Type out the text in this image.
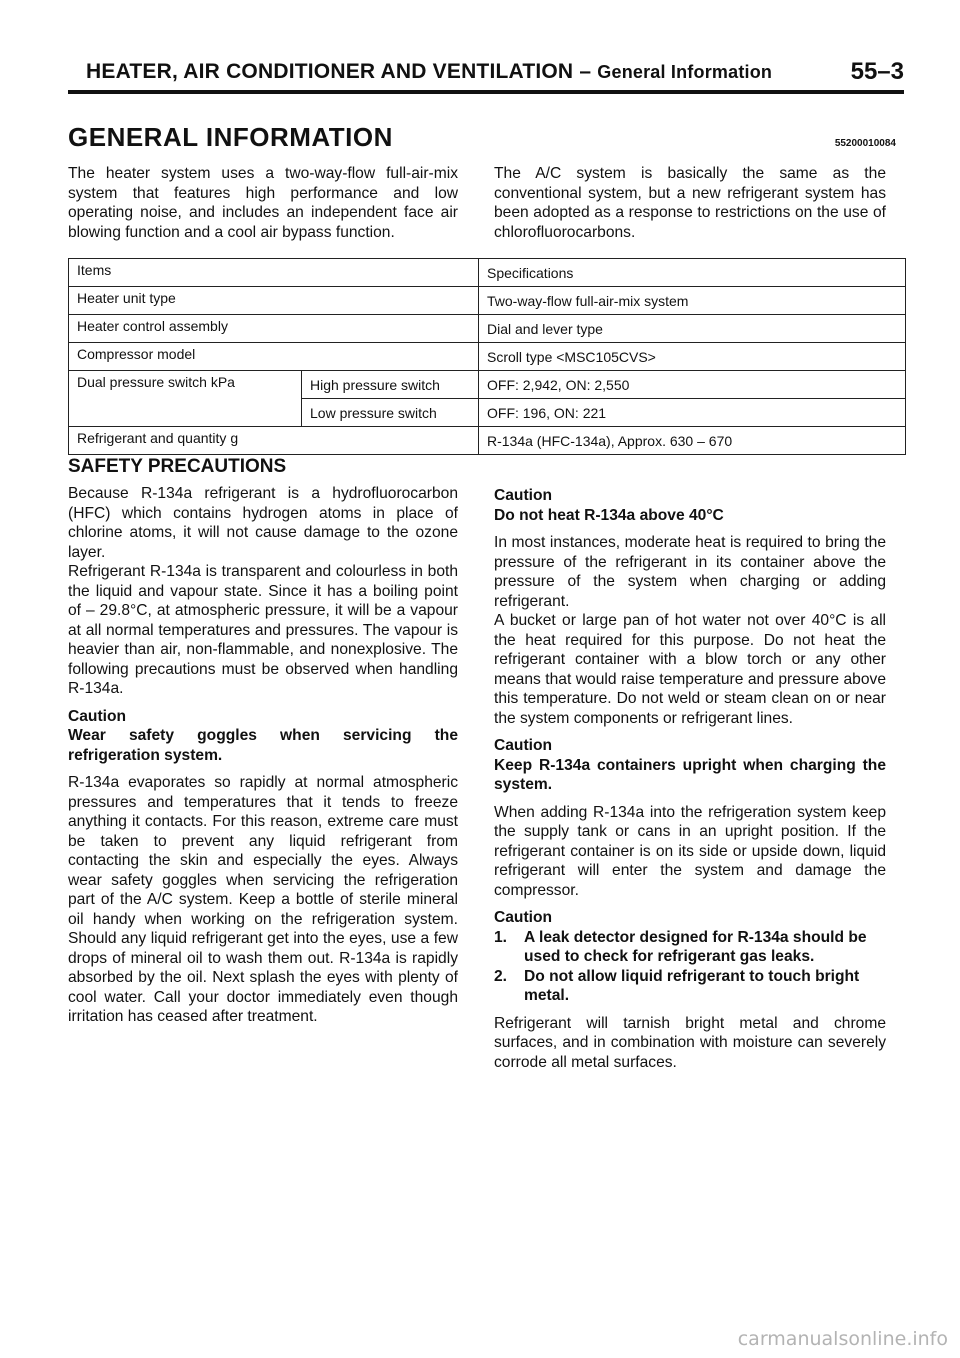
HEATER, AIR CONDITIONER AND VENTILATION – General Information	55–3
GENERAL INFORMATION	55200010084

The heater system uses a two-way-flow full-air-mix system that features high performance and low operating noise, and includes an independent face air blowing function and a cool air bypass function.

The A/C system is basically the same as the conventional system, but a new refrigerant system has been adopted as a response to restrictions on the use of chlorofluorocarbons.

Items		Specifications
Heater unit type		Two-way-flow full-air-mix system
Heater control assembly		Dial and lever type
Compressor model		Scroll type <MSC105CVS>
Dual pressure switch kPa	High pressure switch	OFF: 2,942, ON: 2,550
	Low pressure switch	OFF: 196, ON: 221
Refrigerant and quantity g		R-134a (HFC-134a), Approx. 630 – 670
SAFETY PRECAUTIONS

Because R-134a refrigerant is a hydrofluorocarbon (HFC) which contains hydrogen atoms in place of chlorine atoms, it will not cause damage to the ozone layer.

Refrigerant R-134a is transparent and colourless in both the liquid and vapour state. Since it has a boiling point of – 29.8°C, at atmospheric pressure, it will be a vapour at all normal temperatures and pressures. The vapour is heavier than air, non-flammable, and nonexplosive. The following precautions must be observed when handling R-134a.

Caution

Wear safety goggles when servicing the refrigeration system.

R-134a evaporates so rapidly at normal atmospheric pressures and temperatures that it tends to freeze anything it contacts. For this reason, extreme care must be taken to prevent any liquid refrigerant from contacting the skin and especially the eyes. Always wear safety goggles when servicing the refrigeration part of the A/C system. Keep a bottle of sterile mineral oil handy when working on the refrigeration system. Should any liquid refrigerant get into the eyes, use a few drops of mineral oil to wash them out. R-134a is rapidly absorbed by the oil. Next splash the eyes with plenty of cool water. Call your doctor immediately even though irritation has ceased after treatment.

Caution

Do not heat R-134a above 40°C

In most instances, moderate heat is required to bring the pressure of the refrigerant in its container above the pressure of the system when charging or adding refrigerant.

A bucket or large pan of hot water not over 40°C is all the heat required for this purpose. Do not heat the refrigerant container with a blow torch or any other means that would raise temperature and pressure above this temperature. Do not weld or steam clean on or near the system components or refrigerant lines.

Caution

Keep R-134a containers upright when charging the system.

When adding R-134a into the refrigeration system keep the supply tank or cans in an upright position. If the refrigerant container is on its side or upside down, liquid refrigerant will enter the system and damage the compressor.

Caution

1. A leak detector designed for R-134a should be used to check for refrigerant gas leaks.
2. Do not allow liquid refrigerant to touch bright metal.

Refrigerant will tarnish bright metal and chrome surfaces, and in combination with moisture can severely corrode all metal surfaces.

carmanualsonline.info
